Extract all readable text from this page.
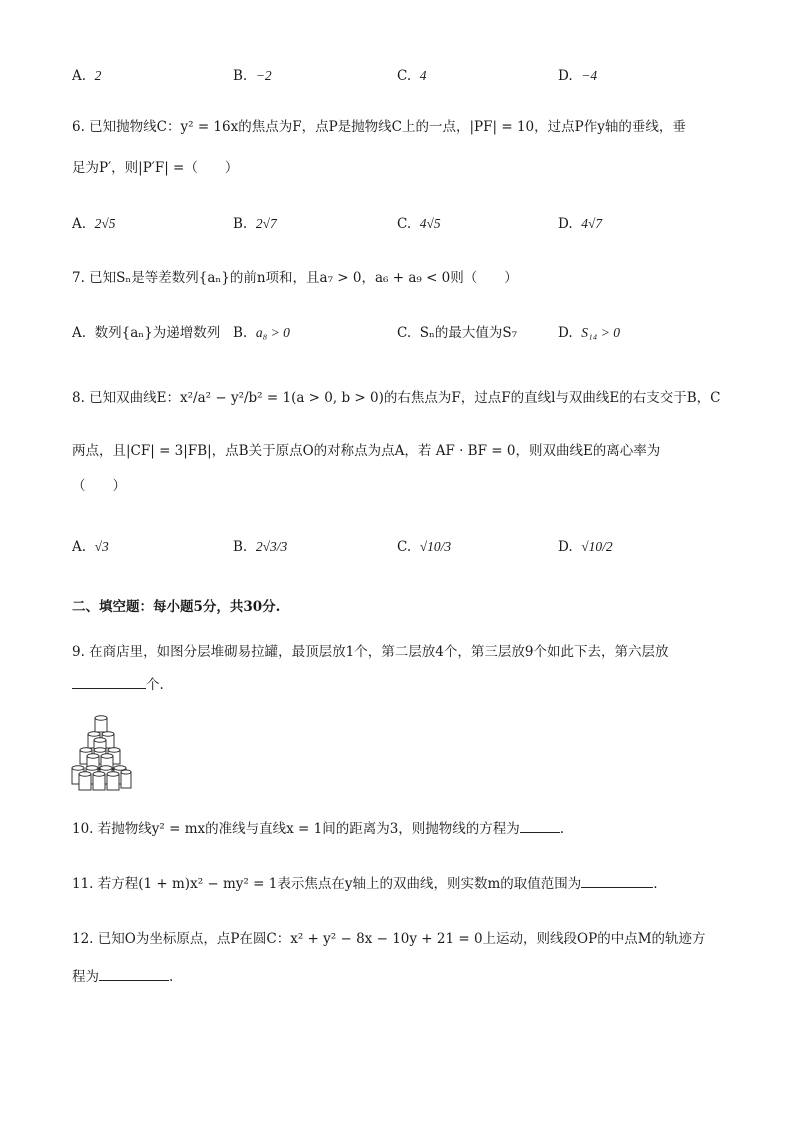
A. 2	B. −2	C. 4	D. −4
6. 已知抛物线C：y² = 16x的焦点为F，点P是抛物线C上的一点，|PF| = 10，过点P作y轴的垂线，垂
足为P′，则|P′F| =（　　）
A. 2√5	B. 2√7	C. 4√5	D. 4√7
7. 已知Sₙ是等差数列{aₙ}的前n项和，且a₇ > 0，a₆ + a₉ < 0则（　　）
A. 数列{aₙ}为递增数列 B. a₈ > 0	C. Sₙ的最大值为S₇	D. S₁₄ > 0
8. 已知双曲线E：x²/a² − y²/b² = 1(a > 0, b > 0)的右焦点为F，过点F的直线l与双曲线E的右支交于B，C
两点，且|CF| = 3|FB|，点B关于原点O的对称点为点A，若 AF · BF = 0，则双曲线E的离心率为
（　　）
A. √3	B. 2√3/3	C. √10/3	D. √10/2
二、填空题：每小题5分，共30分.
9. 在商店里，如图分层堆砌易拉罐，最顶层放1个，第二层放4个，第三层放9个如此下去，第六层放
个.
10. 若抛物线y² = mx的准线与直线x = 1间的距离为3，则抛物线的方程为	.
11. 若方程(1 + m)x² − my² = 1表示焦点在y轴上的双曲线，则实数m的取值范围为	.
12. 已知O为坐标原点，点P在圆C：x² + y² − 8x − 10y + 21 = 0上运动，则线段OP的中点M的轨迹方
程为	.
